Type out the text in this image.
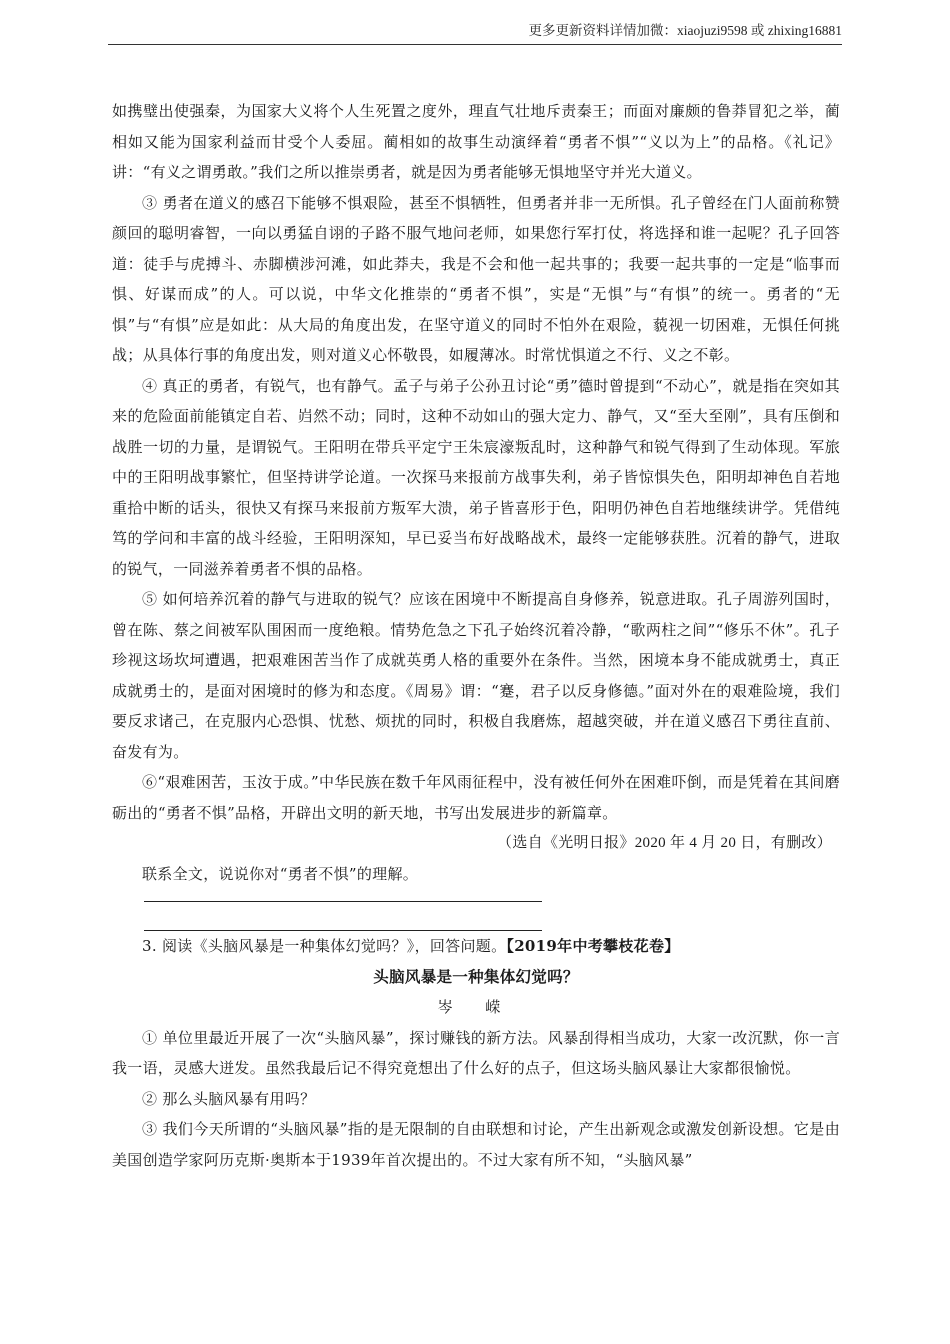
更多更新资料详情加微：xiaojuzi9598 或 zhixing16881

如携璧出使强秦，为国家大义将个人生死置之度外，理直气壮地斥责秦王；而面对廉颇的鲁莽冒犯之举，蔺相如又能为国家利益而甘受个人委屈。蔺相如的故事生动演绎着“勇者不惧”“义以为上”的品格。《礼记》讲：“有义之谓勇敢。”我们之所以推崇勇者，就是因为勇者能够无惧地坚守并光大道义。

③ 勇者在道义的感召下能够不惧艰险，甚至不惧牺牲，但勇者并非一无所惧。孔子曾经在门人面前称赞颜回的聪明睿智，一向以勇猛自诩的子路不服气地问老师，如果您行军打仗，将选择和谁一起呢？孔子回答道：徒手与虎搏斗、赤脚横涉河滩，如此莽夫，我是不会和他一起共事的；我要一起共事的一定是“临事而惧、好谋而成”的人。可以说，中华文化推崇的“勇者不惧”，实是“无惧”与“有惧”的统一。勇者的“无惧”与“有惧”应是如此：从大局的角度出发，在坚守道义的同时不怕外在艰险，藐视一切困难，无惧任何挑战；从具体行事的角度出发，则对道义心怀敬畏，如履薄冰。时常忧惧道之不行、义之不彰。

④ 真正的勇者，有锐气，也有静气。孟子与弟子公孙丑讨论“勇”德时曾提到“不动心”，就是指在突如其来的危险面前能镇定自若、岿然不动；同时，这种不动如山的强大定力、静气，又“至大至刚”，具有压倒和战胜一切的力量，是谓锐气。王阳明在带兵平定宁王朱宸濠叛乱时，这种静气和锐气得到了生动体现。军旅中的王阳明战事繁忙，但坚持讲学论道。一次探马来报前方战事失利，弟子皆惊惧失色，阳明却神色自若地重拾中断的话头，很快又有探马来报前方叛军大溃，弟子皆喜形于色，阳明仍神色自若地继续讲学。凭借纯笃的学问和丰富的战斗经验，王阳明深知，早已妥当布好战略战术，最终一定能够获胜。沉着的静气，进取的锐气，一同滋养着勇者不惧的品格。

⑤ 如何培养沉着的静气与进取的锐气？应该在困境中不断提高自身修养，锐意进取。孔子周游列国时，曾在陈、蔡之间被军队围困而一度绝粮。情势危急之下孔子始终沉着冷静，“歌两柱之间”“修乐不休”。孔子珍视这场坎坷遭遇，把艰难困苦当作了成就英勇人格的重要外在条件。当然，困境本身不能成就勇士，真正成就勇士的，是面对困境时的修为和态度。《周易》谓：“蹇，君子以反身修德。”面对外在的艰难险境，我们要反求诸己，在克服内心恐惧、忧愁、烦扰的同时，积极自我磨炼，超越突破，并在道义感召下勇往直前、奋发有为。

⑥“艰难困苦，玉汝于成。”中华民族在数千年风雨征程中，没有被任何外在困难吓倒，而是凭着在其间磨砺出的“勇者不惧”品格，开辟出文明的新天地，书写出发展进步的新篇章。

（选自《光明日报》2020 年 4 月 20 日，有删改）

联系全文，说说你对“勇者不惧”的理解。

3. 阅读《头脑风暴是一种集体幻觉吗？》，回答问题。【2019年中考攀枝花卷】

头脑风暴是一种集体幻觉吗？

岑 嵘

① 单位里最近开展了一次“头脑风暴”，探讨赚钱的新方法。风暴刮得相当成功，大家一改沉默，你一言我一语，灵感大迸发。虽然我最后记不得究竟想出了什么好的点子，但这场头脑风暴让大家都很愉悦。

② 那么头脑风暴有用吗？

③ 我们今天所谓的“头脑风暴”指的是无限制的自由联想和讨论，产生出新观念或激发创新设想。它是由美国创造学家阿历克斯·奥斯本于1939年首次提出的。不过大家有所不知，“头脑风暴”
